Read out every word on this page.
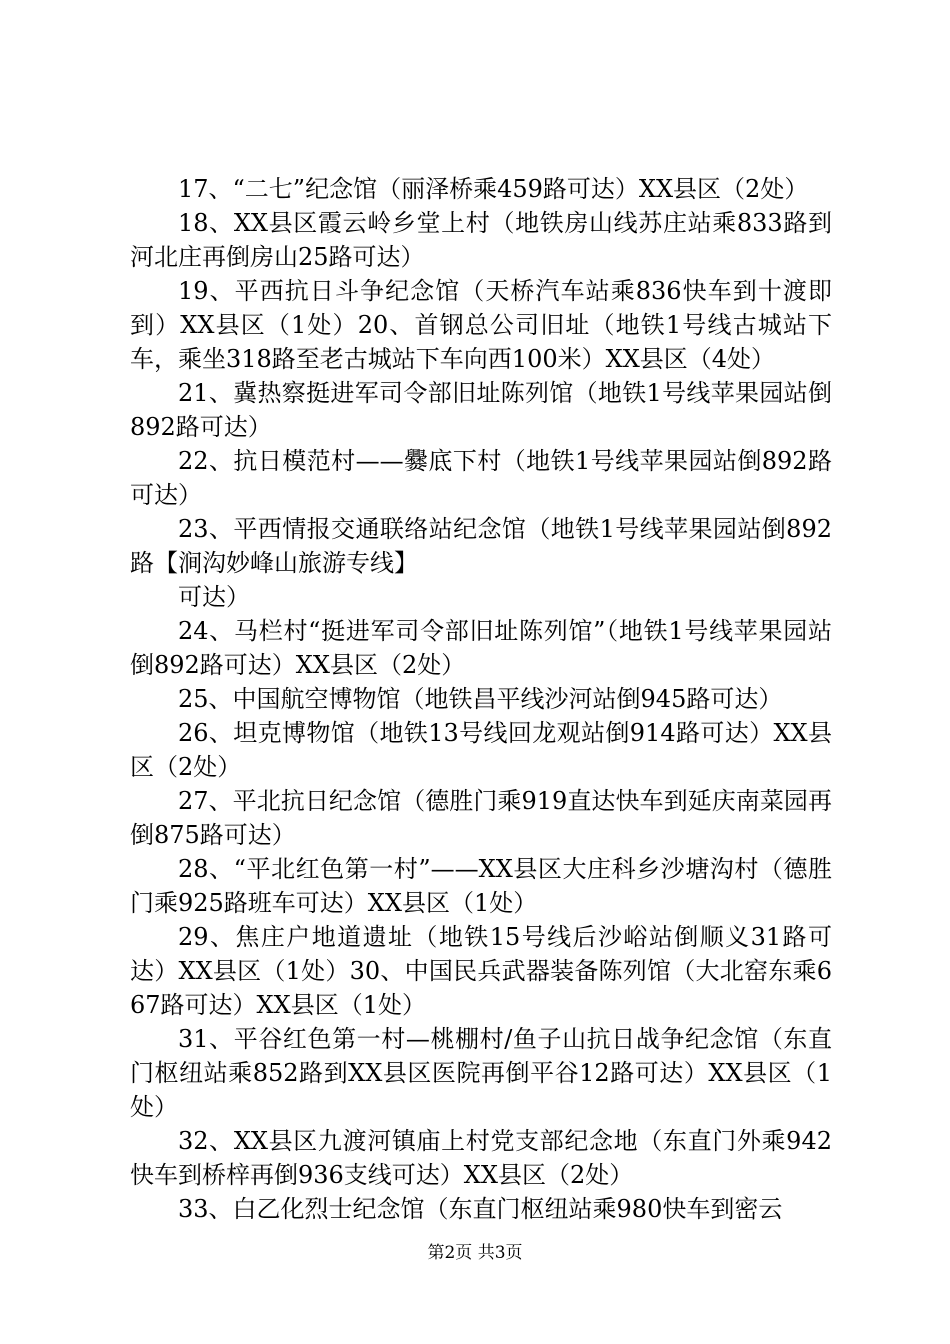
17、“二七”纪念馆（丽泽桥乘459路可达）XX县区（2处）

18、XX县区霞云岭乡堂上村（地铁房山线苏庄站乘833路到河北庄再倒房山25路可达）

19、平西抗日斗争纪念馆（天桥汽车站乘836快车到十渡即到）XX县区（1处）20、首钢总公司旧址（地铁1号线古城站下车，乘坐318路至老古城站下车向西100米）XX县区（4处）

21、冀热察挺进军司令部旧址陈列馆（地铁1号线苹果园站倒892路可达）

22、抗日模范村——爨底下村（地铁1号线苹果园站倒892路可达）

23、平西情报交通联络站纪念馆（地铁1号线苹果园站倒892路【涧沟妙峰山旅游专线】

可达）

24、马栏村“挺进军司令部旧址陈列馆”（地铁1号线苹果园站倒892路可达）XX县区（2处）

25、中国航空博物馆（地铁昌平线沙河站倒945路可达）

26、坦克博物馆（地铁13号线回龙观站倒914路可达）XX县区（2处）

27、平北抗日纪念馆（德胜门乘919直达快车到延庆南菜园再倒875路可达）

28、“平北红色第一村”——XX县区大庄科乡沙塘沟村（德胜门乘925路班车可达）XX县区（1处）

29、焦庄户地道遗址（地铁15号线后沙峪站倒顺义31路可达）XX县区（1处）30、中国民兵武器装备陈列馆（大北窑东乘667路可达）XX县区（1处）

31、平谷红色第一村—桃棚村/鱼子山抗日战争纪念馆（东直门枢纽站乘852路到XX县区医院再倒平谷12路可达）XX县区（1处）

32、XX县区九渡河镇庙上村党支部纪念地（东直门外乘942快车到桥梓再倒936支线可达）XX县区（2处）

33、白乙化烈士纪念馆（东直门枢纽站乘980快车到密云

第2页 共3页
